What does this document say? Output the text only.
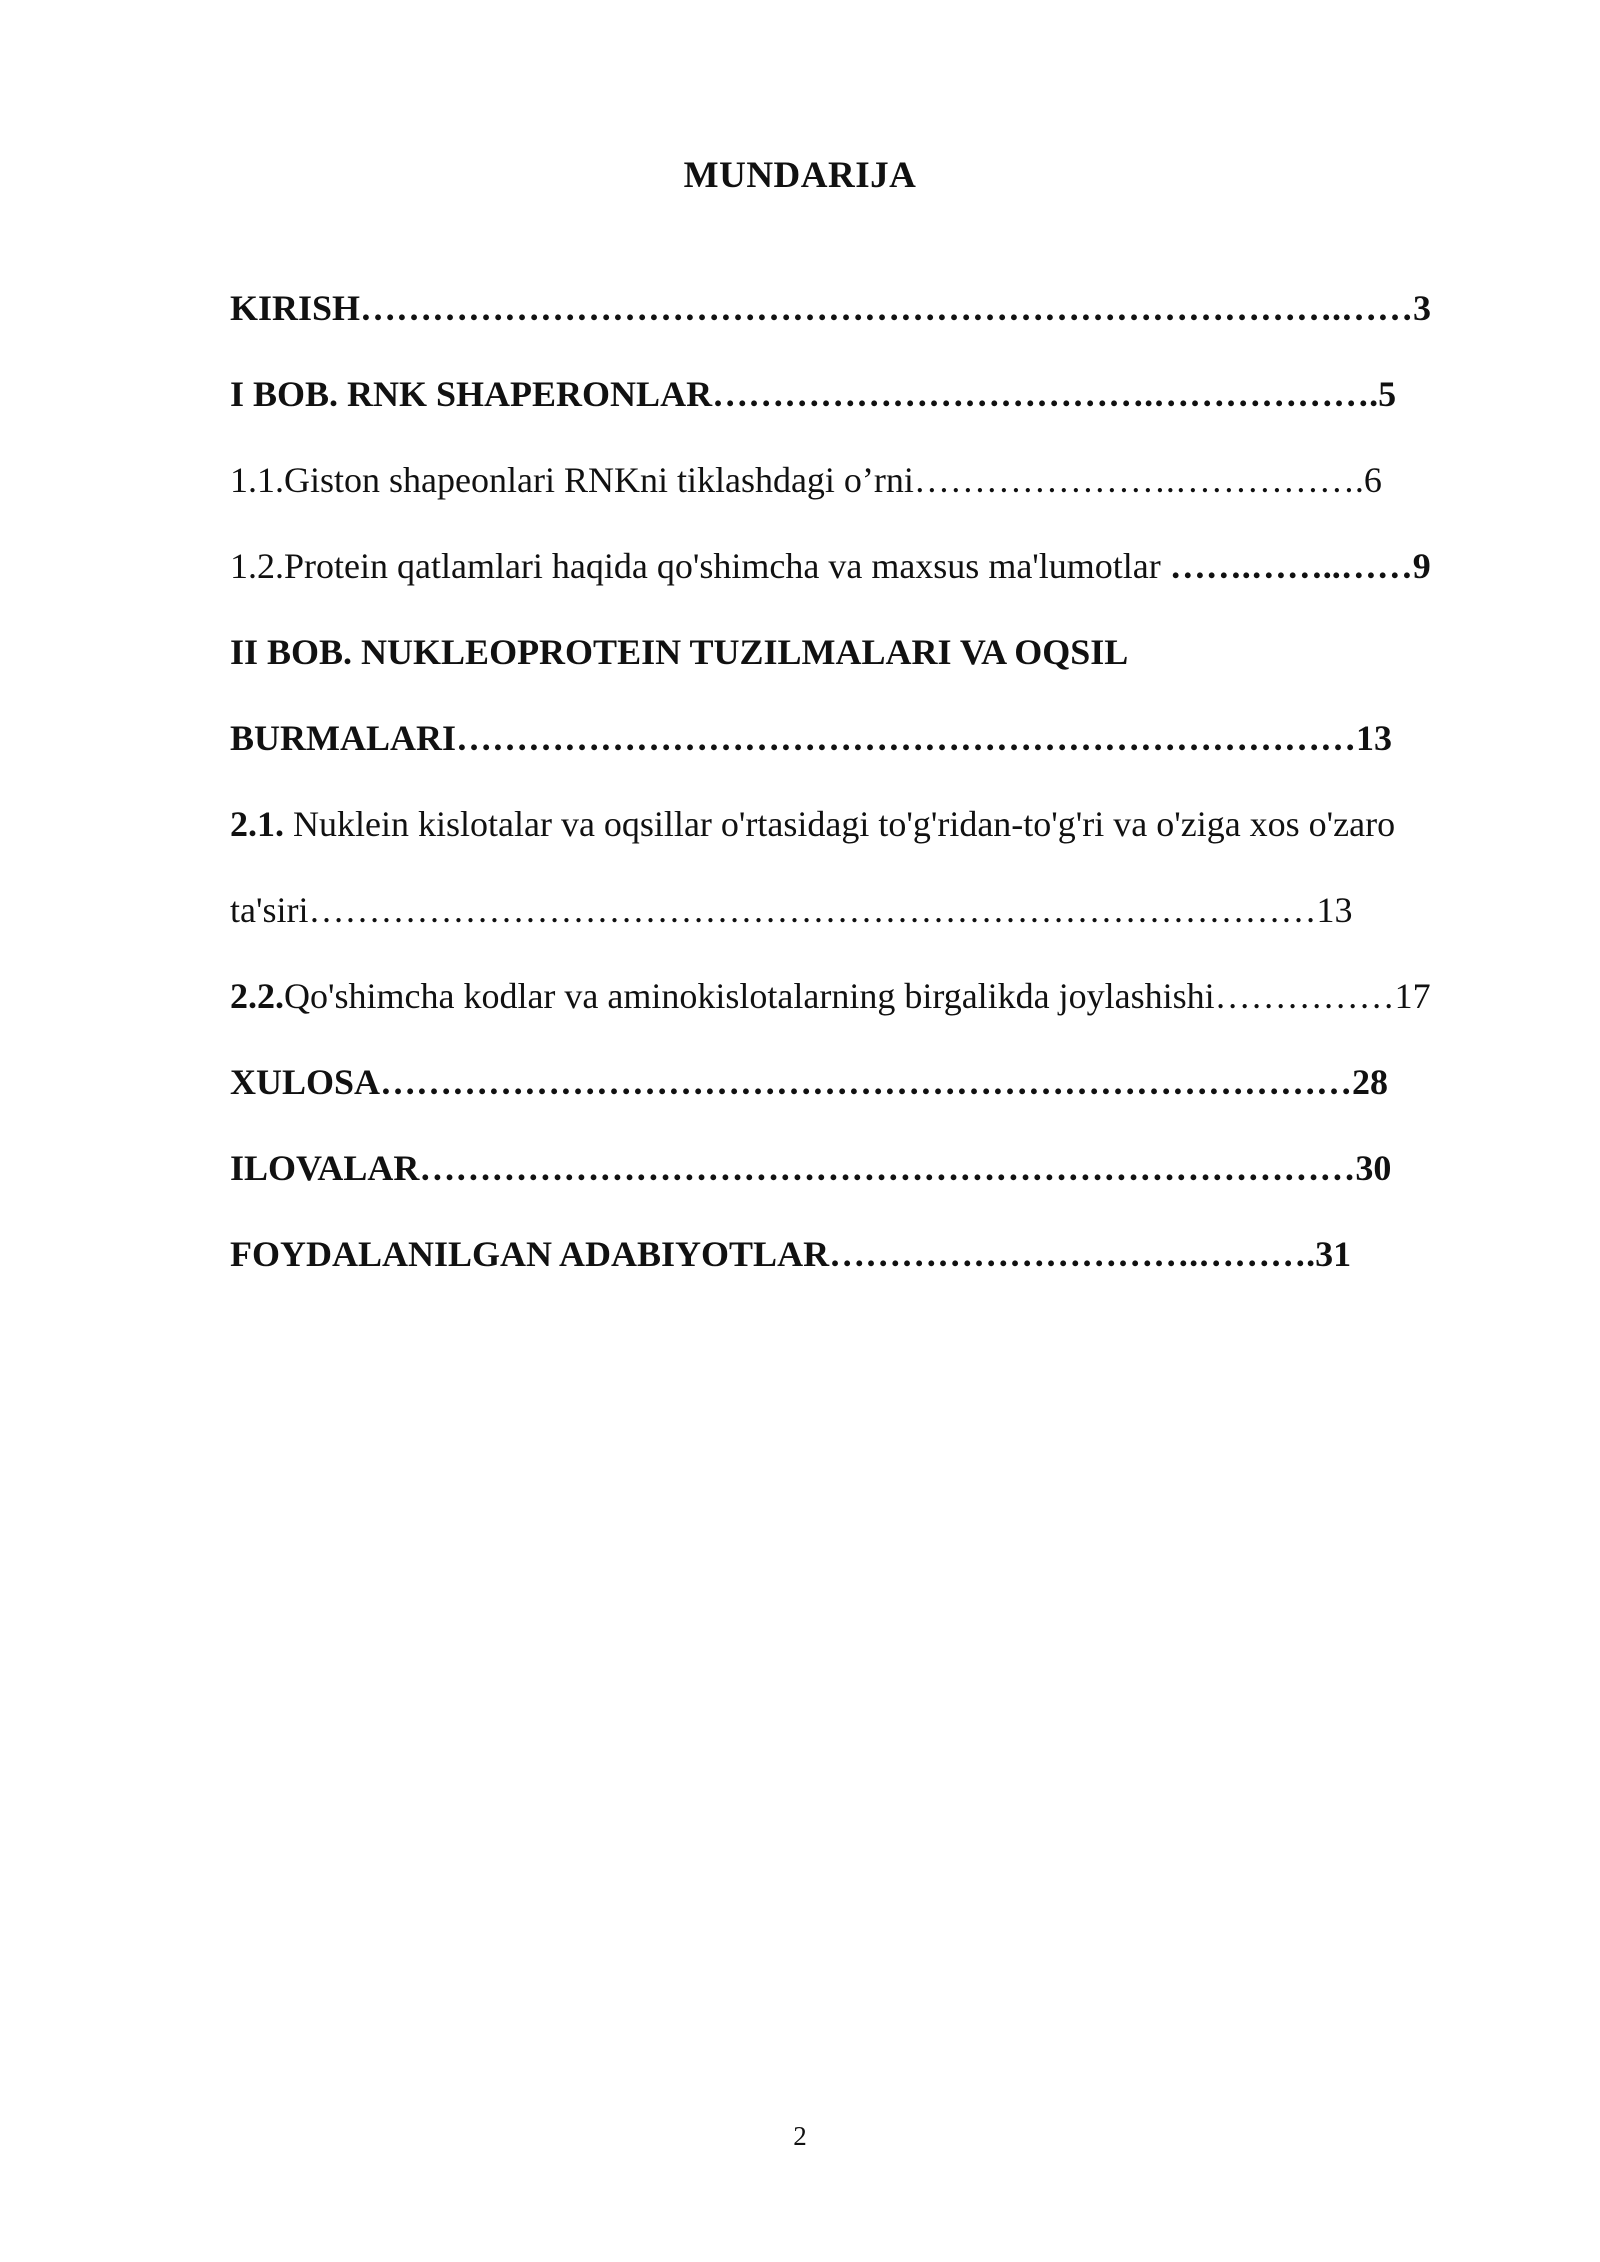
MUNDARIJA
KIRISH……………………………………………………………………….……3
I BOB. RNK SHAPERONLAR……………………………….……………….5
1.1.Giston shapeonlari RNKni tiklashdagi o’rni………………….…………….6
1.2.Protein qatlamlari haqida qo'shimcha va maxsus ma'lumotlar …….……..……9
II BOB. NUKLEOPROTEIN TUZILMALARI VA OQSIL
BURMALARI…………………………………………………………………13
2.1. Nuklein kislotalar va oqsillar o'rtasidagi to'g'ridan-to'g'ri va o'ziga xos o'zaro
ta'siri…………………………………………………………………………13
2.2.Qo'shimcha kodlar va aminokislotalarning birgalikda joylashishi……………17
XULOSA………………………………………………………………………28
ILOVALAR……………………………………………………………………30
FOYDALANILGAN ADABIYOTLAR………………………….……….31
2
